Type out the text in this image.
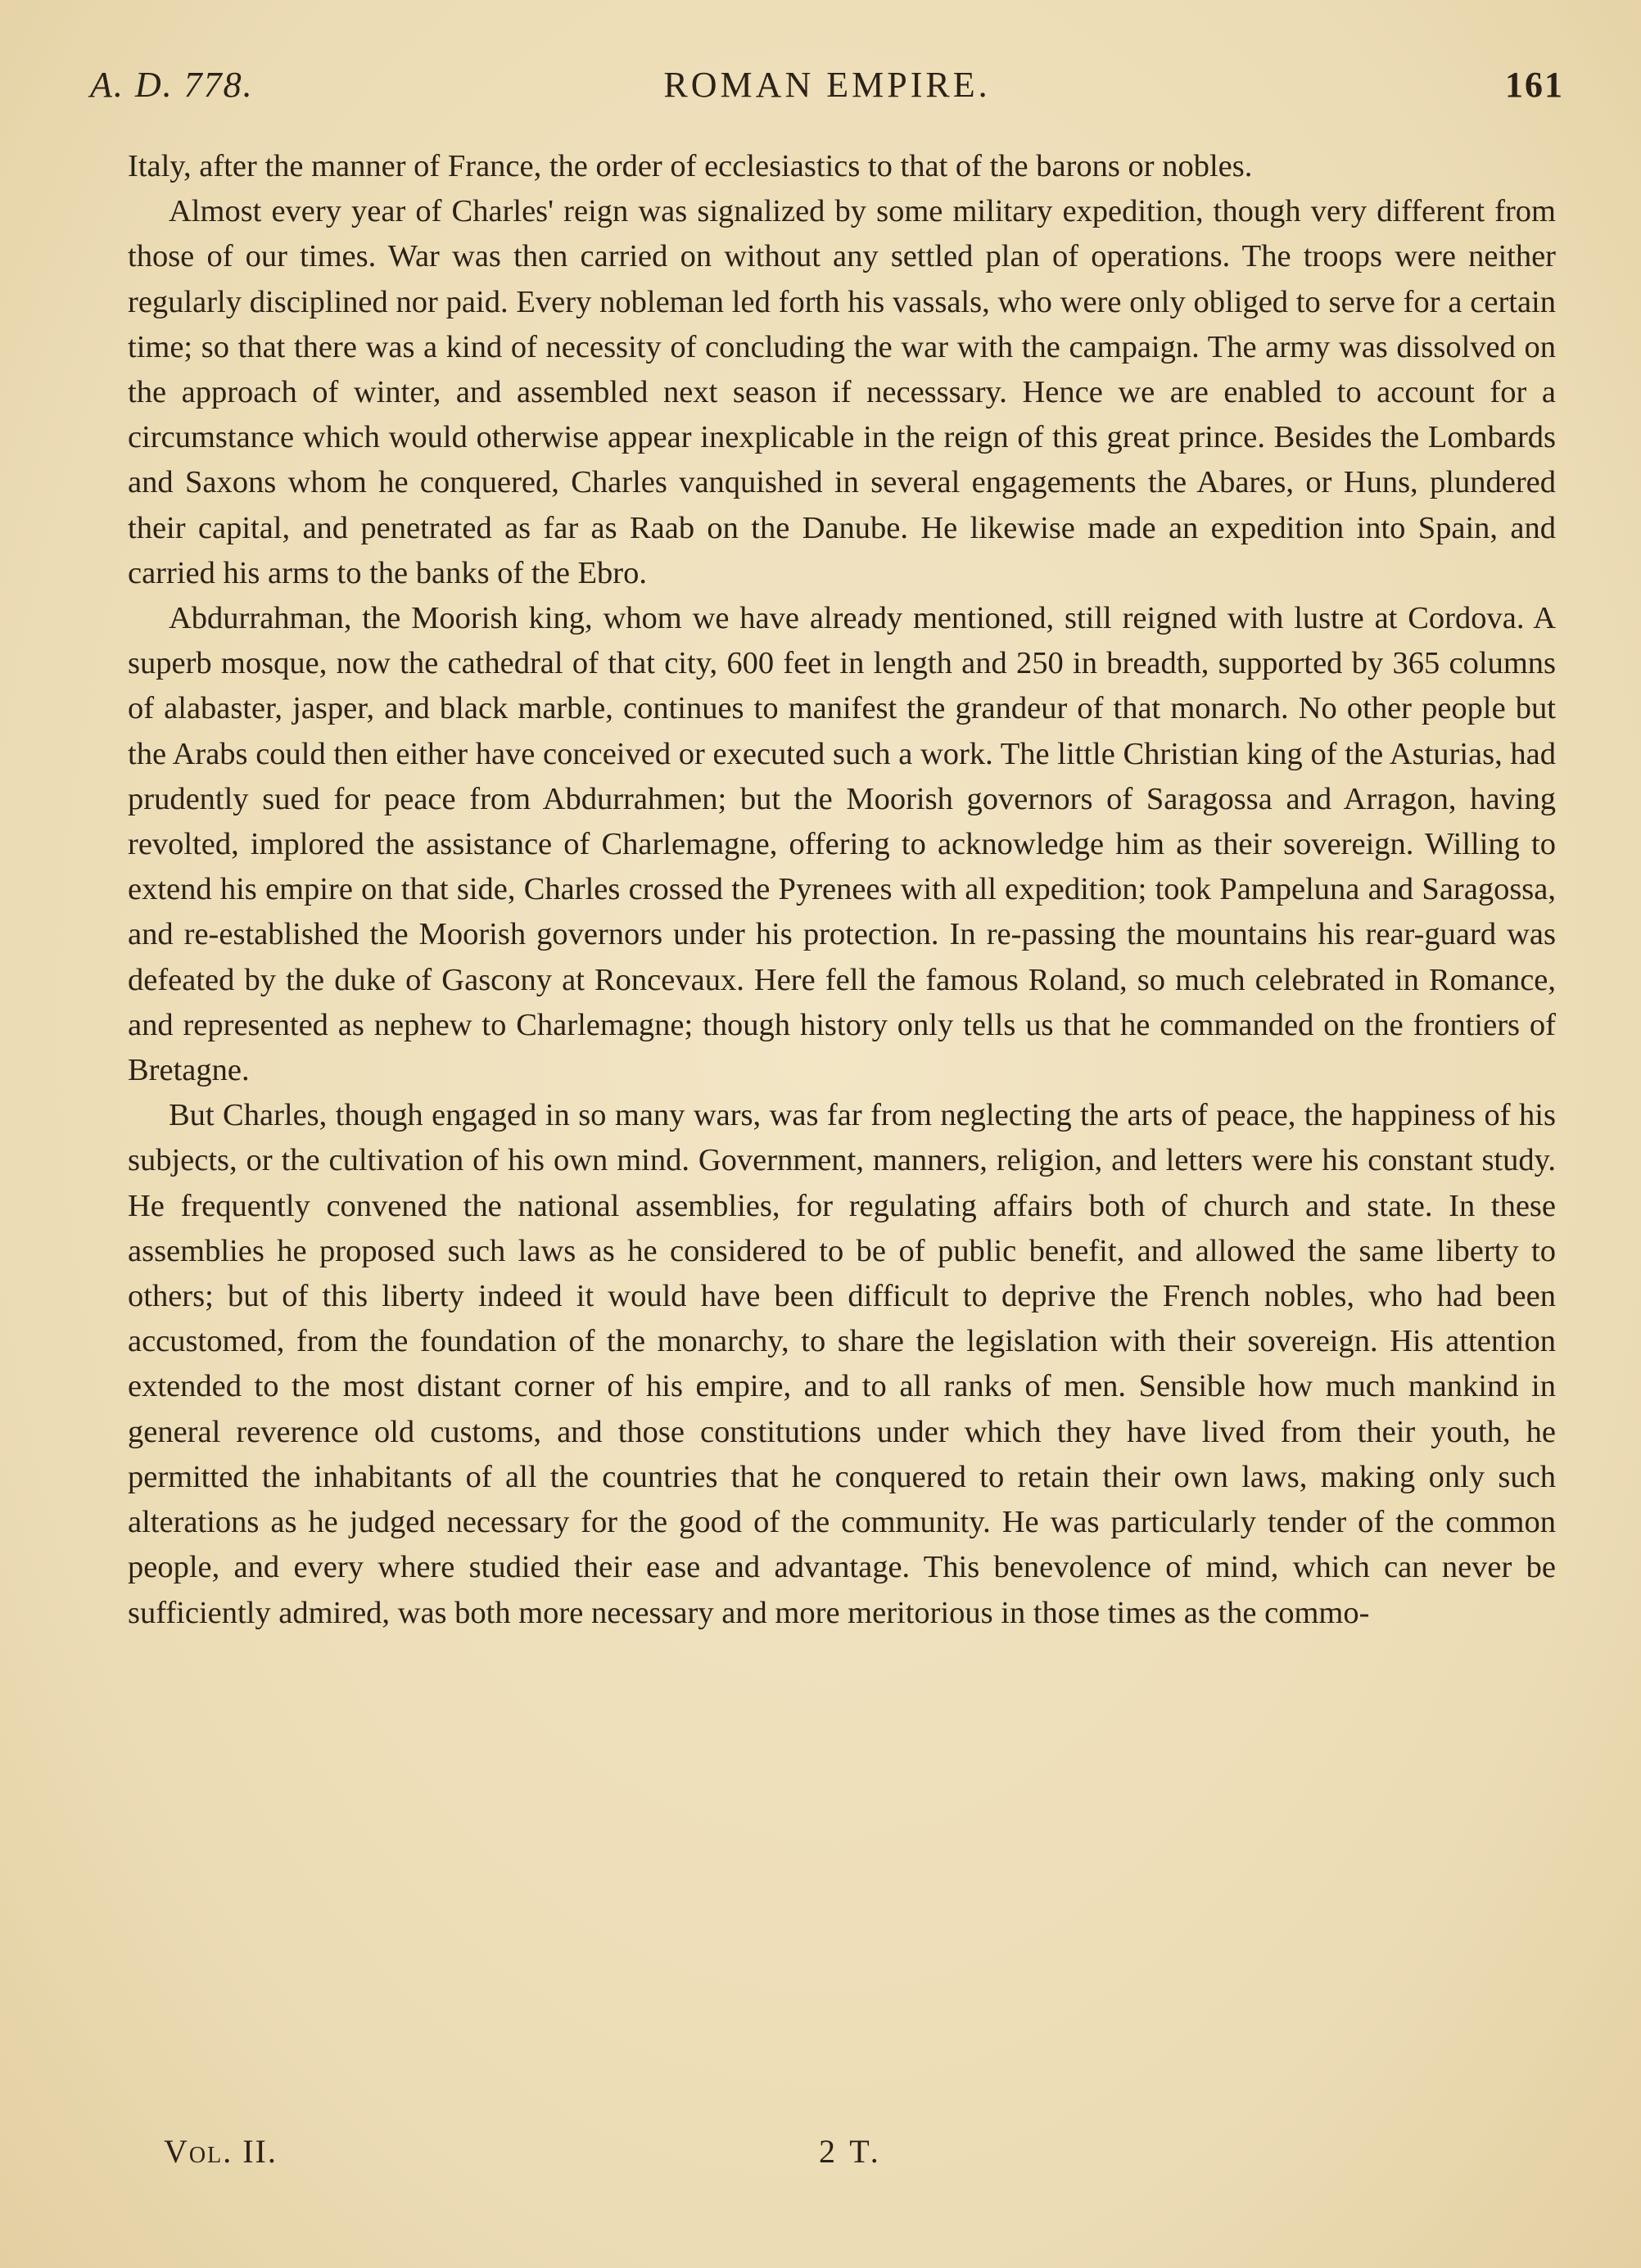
A. D. 778.	ROMAN EMPIRE.	161

Italy, after the manner of France, the order of ecclesiastics to that of the barons or nobles.

Almost every year of Charles' reign was signalized by some military expedition, though very different from those of our times. War was then carried on without any settled plan of operations. The troops were neither regularly disciplined nor paid. Every nobleman led forth his vassals, who were only obliged to serve for a certain time; so that there was a kind of necessity of concluding the war with the campaign. The army was dissolved on the approach of winter, and assembled next season if necesssary. Hence we are enabled to account for a circumstance which would otherwise appear inexplicable in the reign of this great prince. Besides the Lombards and Saxons whom he conquered, Charles vanquished in several engagements the Abares, or Huns, plundered their capital, and penetrated as far as Raab on the Danube. He likewise made an expedition into Spain, and carried his arms to the banks of the Ebro.

Abdurrahman, the Moorish king, whom we have already mentioned, still reigned with lustre at Cordova. A superb mosque, now the cathedral of that city, 600 feet in length and 250 in breadth, supported by 365 columns of alabaster, jasper, and black marble, continues to manifest the grandeur of that monarch. No other people but the Arabs could then either have conceived or executed such a work. The little Christian king of the Asturias, had prudently sued for peace from Abdurrahmen; but the Moorish governors of Saragossa and Arragon, having revolted, implored the assistance of Charlemagne, offering to acknowledge him as their sovereign. Willing to extend his empire on that side, Charles crossed the Pyrenees with all expedition; took Pampeluna and Saragossa, and re-established the Moorish governors under his protection. In re-passing the mountains his rear-guard was defeated by the duke of Gascony at Roncevaux. Here fell the famous Roland, so much celebrated in Romance, and represented as nephew to Charlemagne; though history only tells us that he commanded on the frontiers of Bretagne.

But Charles, though engaged in so many wars, was far from neglecting the arts of peace, the happiness of his subjects, or the cultivation of his own mind. Government, manners, religion, and letters were his constant study. He frequently convened the national assemblies, for regulating affairs both of church and state. In these assemblies he proposed such laws as he considered to be of public benefit, and allowed the same liberty to others; but of this liberty indeed it would have been difficult to deprive the French nobles, who had been accustomed, from the foundation of the monarchy, to share the legislation with their sovereign. His attention extended to the most distant corner of his empire, and to all ranks of men. Sensible how much mankind in general reverence old customs, and those constitutions under which they have lived from their youth, he permitted the inhabitants of all the countries that he conquered to retain their own laws, making only such alterations as he judged necessary for the good of the community. He was particularly tender of the common people, and every where studied their ease and advantage. This benevolence of mind, which can never be sufficiently admired, was both more necessary and more meritorious in those times as the commo-

Vol. II.	2 T.
